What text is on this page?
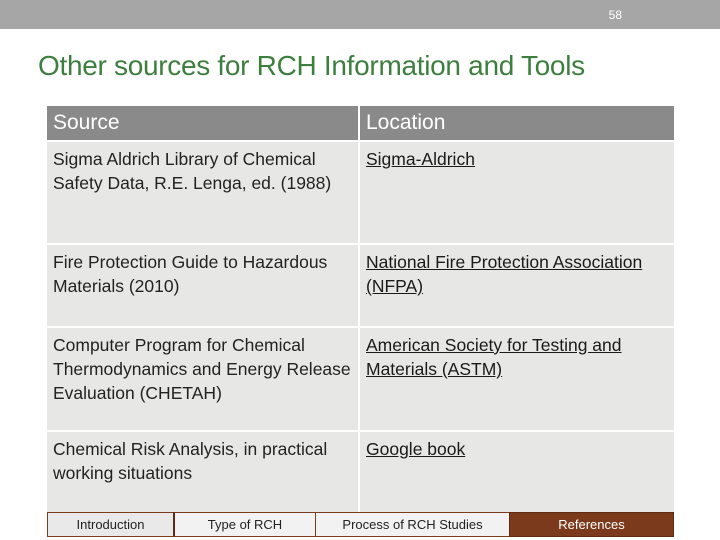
58
Other sources for RCH Information and Tools
Source	Location
Sigma Aldrich Library of Chemical Safety Data, R.E. Lenga, ed. (1988)	Sigma-Aldrich
Fire Protection Guide to Hazardous Materials (2010)	National Fire Protection Association (NFPA)
Computer Program for Chemical Thermodynamics and Energy Release Evaluation (CHETAH)	American Society for Testing and Materials (ASTM)
Chemical Risk Analysis, in practical working situations	Google book
Introduction	Type of RCH	Process of RCH Studies	References
